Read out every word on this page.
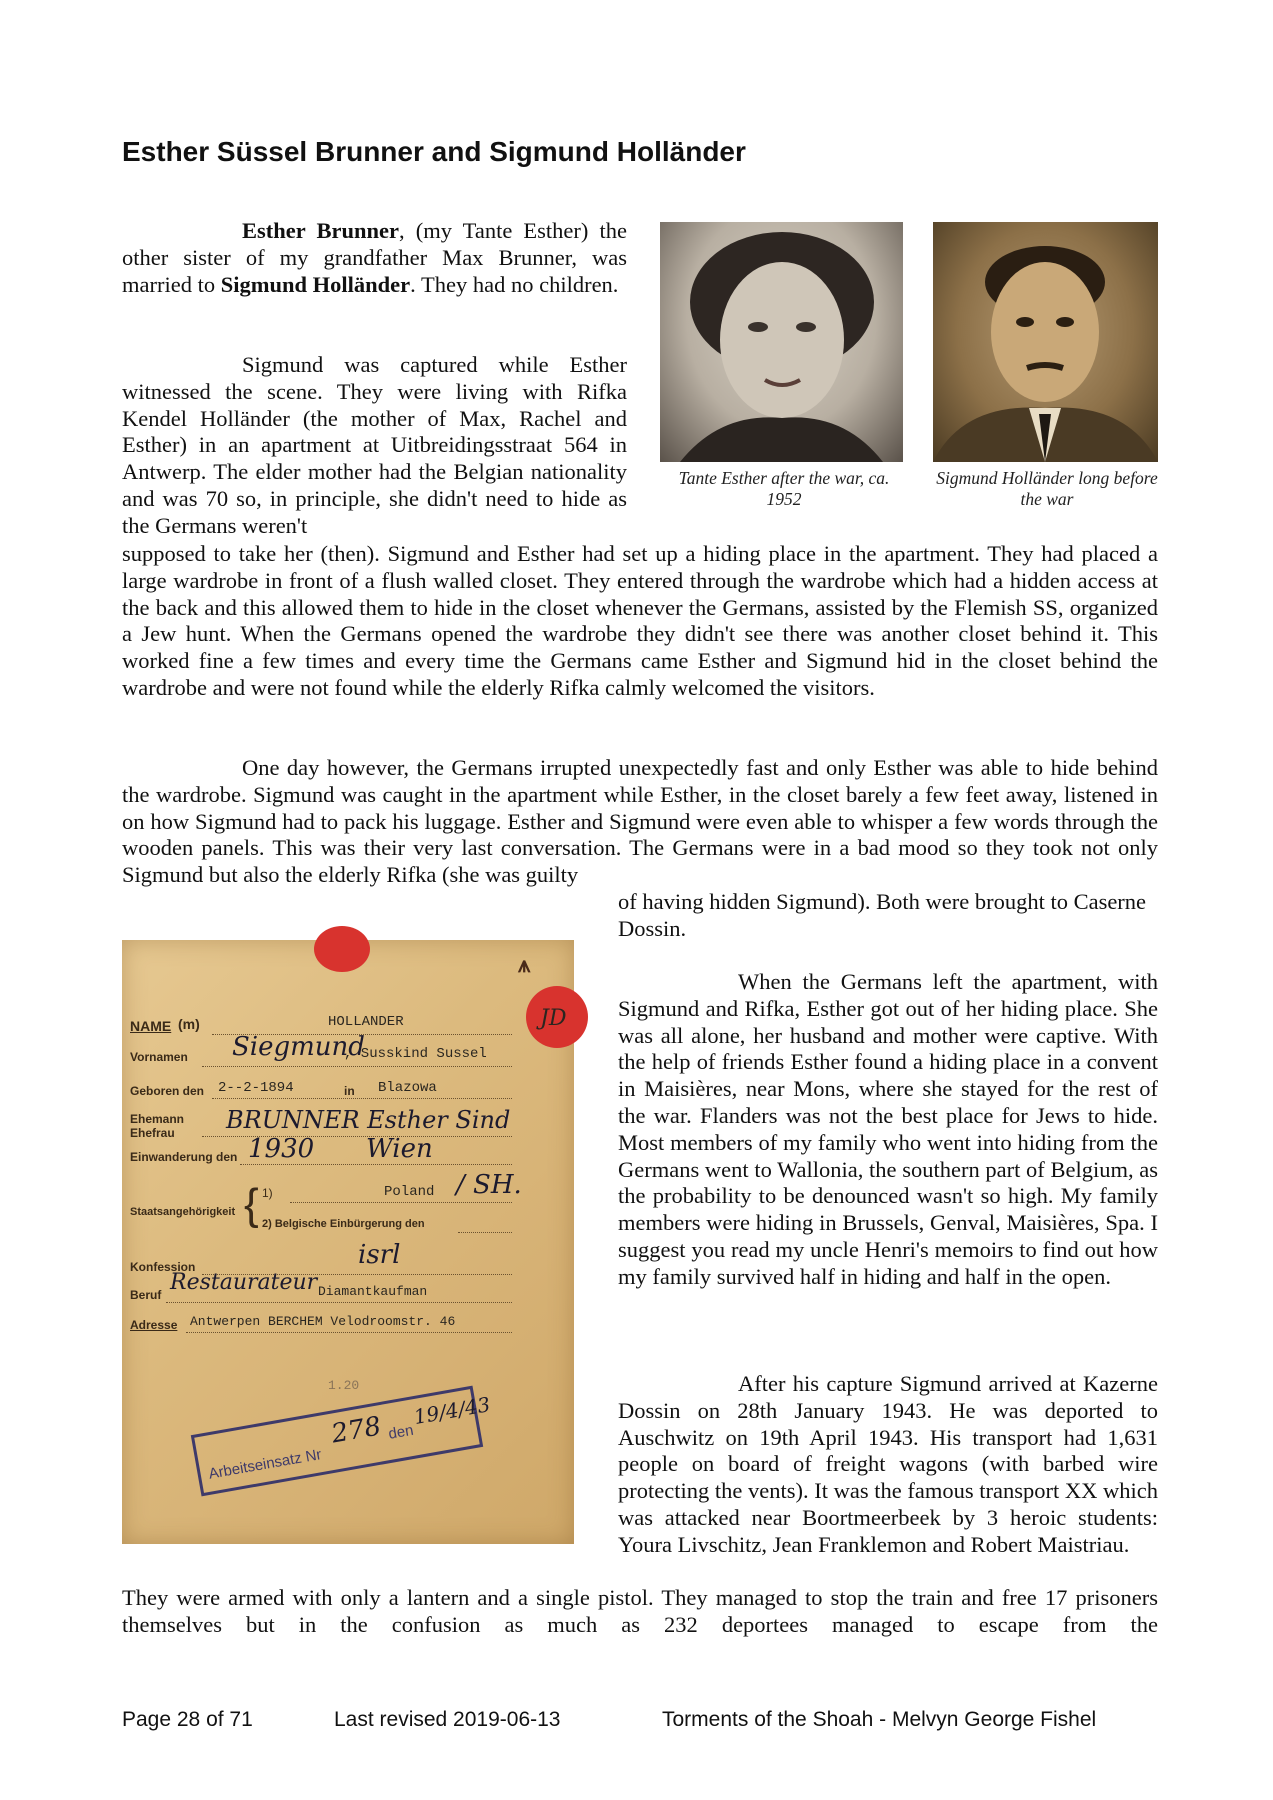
Esther Süssel Brunner and Sigmund Holländer

Esther Brunner, (my Tante Esther) the other sister of my grandfather Max Brunner, was married to Sigmund Holländer. They had no children.

Sigmund was captured while Esther witnessed the scene. They were living with Rifka Kendel Holländer (the mother of Max, Rachel and Esther) in an apartment at Uitbreidingsstraat 564 in Antwerp. The elder mother had the Belgian nationality and was 70 so, in principle, she didn't need to hide as the Germans weren't

Tante Esther after the war, ca. 1952
Sigmund Holländer long before the war

supposed to take her (then). Sigmund and Esther had set up a hiding place in the apartment. They had placed a large wardrobe in front of a flush walled closet. They entered through the wardrobe which had a hidden access at the back and this allowed them to hide in the closet whenever the Germans, assisted by the Flemish SS, organized a Jew hunt. When the Germans opened the wardrobe they didn't see there was another closet behind it. This worked fine a few times and every time the Germans came Esther and Sigmund hid in the closet behind the wardrobe and were not found while the elderly Rifka calmly welcomed the visitors.

One day however, the Germans irrupted unexpectedly fast and only Esther was able to hide behind the wardrobe. Sigmund was caught in the apartment while Esther, in the closet barely a few feet away, listened in on how Sigmund had to pack his luggage. Esther and Sigmund were even able to whisper a few words through the wooden panels. This was their very last conversation. The Germans were in a bad mood so they took not only Sigmund but also the elderly Rifka (she was guilty

of having hidden Sigmund). Both were brought to Caserne Dossin.

JD
⩚
NAME (m)	HOLLANDER
Vornamen Siegmund
, Susskind Sussel
Geboren den 2--2-1894	in Blazowa
Ehemann
Ehefrau BRUNNER Esther Sind
Einwanderung den 1930 Wien
Staatsangehörigkeit { 1)	Poland / SH.
2) Belgische Einbürgerung den
Konfession	isrl
Beruf Restaurateur Diamantkaufman
Adresse Antwerpen BERCHEM Velodroomstr. 46
1.20
Arbeitseinsatz Nr
278 den
19/4/43

When the Germans left the apartment, with Sigmund and Rifka, Esther got out of her hiding place. She was all alone, her husband and mother were captive. With the help of friends Esther found a hiding place in a convent in Maisières, near Mons, where she stayed for the rest of the war. Flanders was not the best place for Jews to hide. Most members of my family who went into hiding from the Germans went to Wallonia, the southern part of Belgium, as the probability to be denounced wasn't so high. My family members were hiding in Brussels, Genval, Maisières, Spa. I suggest you read my uncle Henri's memoirs to find out how my family survived half in hiding and half in the open.

After his capture Sigmund arrived at Kazerne Dossin on 28th January 1943. He was deported to Auschwitz on 19th April 1943. His transport had 1,631 people on board of freight wagons (with barbed wire protecting the vents). It was the famous transport XX which was attacked near Boortmeerbeek by 3 heroic students: Youra Livschitz, Jean Franklemon and Robert Maistriau.

They were armed with only a lantern and a single pistol. They managed to stop the train and free 17 prisoners themselves but in the confusion as much as 232 deportees managed to escape from the

Page 28 of 71	Last revised 2019-06-13	Torments of the Shoah - Melvyn George Fishel
